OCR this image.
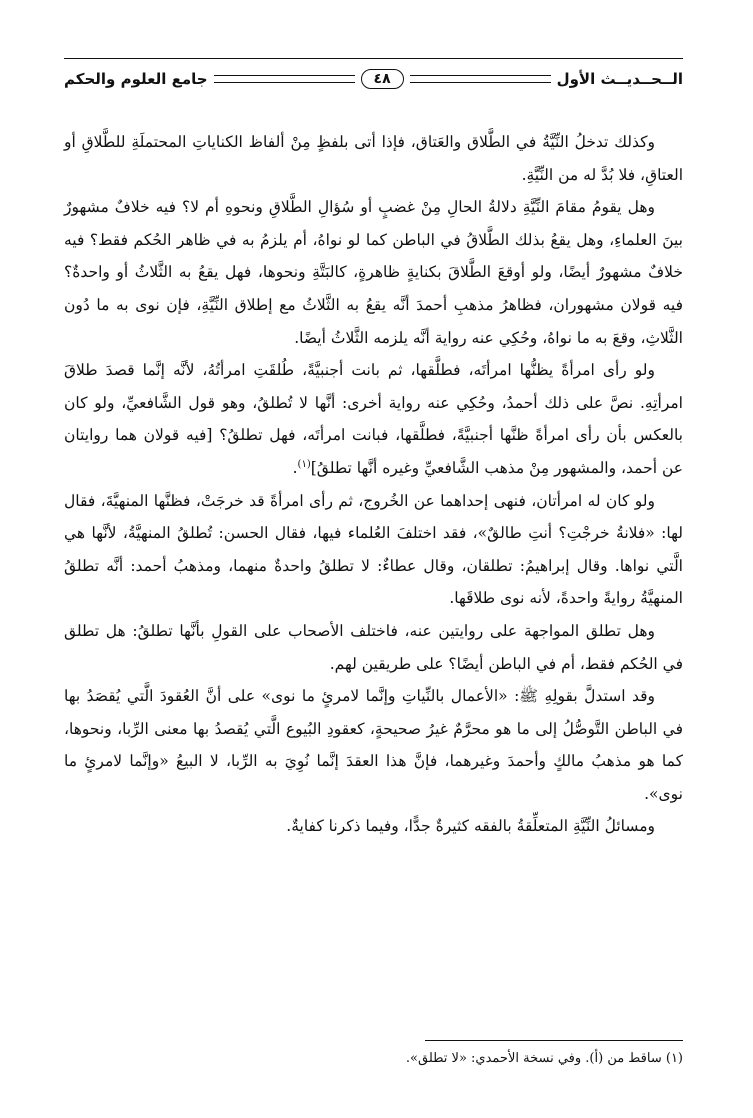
الــحــديــث الأول
٤٨
جامع العلوم والحكم

وكذلك تدخلُ النِّيَّةُ في الطَّلاق والعَتاق، فإذا أتى بلفظٍ مِنْ ألفاظ الكناياتِ المحتملَةِ للطَّلاقِ أو العتاقِ، فلا بُدَّ له من النِّيَّةِ.

وهل يقومُ مقامَ النِّيَّةِ دلالةُ الحالِ مِنْ غضبٍ أو سُؤالِ الطَّلاقِ ونحوهِ أم لا؟ فيه خلافٌ مشهورٌ بينَ العلماءِ، وهل يقعُ بذلك الطَّلاقُ في الباطن كما لو نواهُ، أم يلزمُ به في ظاهر الحُكم فقط؟ فيه خلافٌ مشهورٌ أيضًا، ولو أوقعَ الطَّلاقَ بكنايةٍ ظاهرةٍ، كالبَتَّةِ ونحوها، فهل يقعُ به الثَّلاثُ أو واحدةٌ؟ فيه قولان مشهوران، فظاهرُ مذهبِ أحمدَ أنَّه يقعُ به الثَّلاثُ مع إطلاق النِّيَّةِ، فإن نوى به ما دُون الثَّلاثِ، وقعَ به ما نواهُ، وحُكِي عنه رواية أنَّه يلزمه الثَّلاثُ أيضًا.

ولو رأى امرأةً يظنُّها امرأتَه، فطلَّقها، ثم بانت أجنبيَّةً، طُلقَتِ امرأتُهُ، لأنَّه إنَّما قصدَ طلاقَ امرأتِهِ. نصَّ على ذلك أحمدُ، وحُكِي عنه رواية أخرى: أنَّها لا تُطلقُ، وهو قول الشَّافعيِّ، ولو كان بالعكس بأن رأى امرأةً ظنَّها أجنبيَّةً، فطلَّقها، فبانت امرأتَه، فهل تطلقُ؟ [فيه قولان هما روايتان عن أحمد، والمشهور مِنْ مذهب الشَّافعيِّ وغيره أنَّها تطلقُ]$^{(١)}$.

ولو كان له امرأتان، فنهى إحداهما عن الخُروج، ثم رأى امرأةً قد خرجَتْ، فظنَّها المنهيَّةَ، فقال لها: «فلانةُ خرجْتِ؟ أنتِ طالقٌ»، فقد اختلفَ العُلماء فيها، فقال الحسن: تُطلقُ المنهيَّةُ، لأنَّها هي الَّتي نواها. وقال إبراهيمُ: تطلقان، وقال عطاءٌ: لا تطلقُ واحدةٌ منهما، ومذهبُ أحمد: أنَّه تطلقُ المنهيَّةُ روايةً واحدةً، لأنه نوى طلاقَها.

وهل تطلق المواجهة على روايتين عنه، فاختلف الأصحاب على القولِ بأنَّها تطلقُ: هل تطلق في الحُكم فقط، أم في الباطن أيضًا؟ على طريقين لهم.

وقد استدلَّ بقولِهِ ﷺ: «الأعمال بالنِّياتِ وإنَّما لامرئٍ ما نوى» على أنَّ العُقودَ الَّتي يُقصَدُ بها في الباطن التَّوصُّلُ إلى ما هو محرَّمٌ غيرُ صحيحةٍ، كعقودِ البُيوع الَّتي يُقصدُ بها معنى الرِّبا، ونحوها، كما هو مذهبُ مالكٍ وأحمدَ وغيرهما، فإنَّ هذا العقدَ إنَّما نُوِيَ به الرِّبا، لا البيعُ «وإنَّما لامرئٍ ما نوى».

ومسائلُ النِّيَّةِ المتعلِّقةُ بالفقه كثيرةٌ جدًّا، وفيما ذكرنا كفايةٌ.

(١) ساقط من (أ). وفي نسخة الأحمدي: «لا تطلق».
